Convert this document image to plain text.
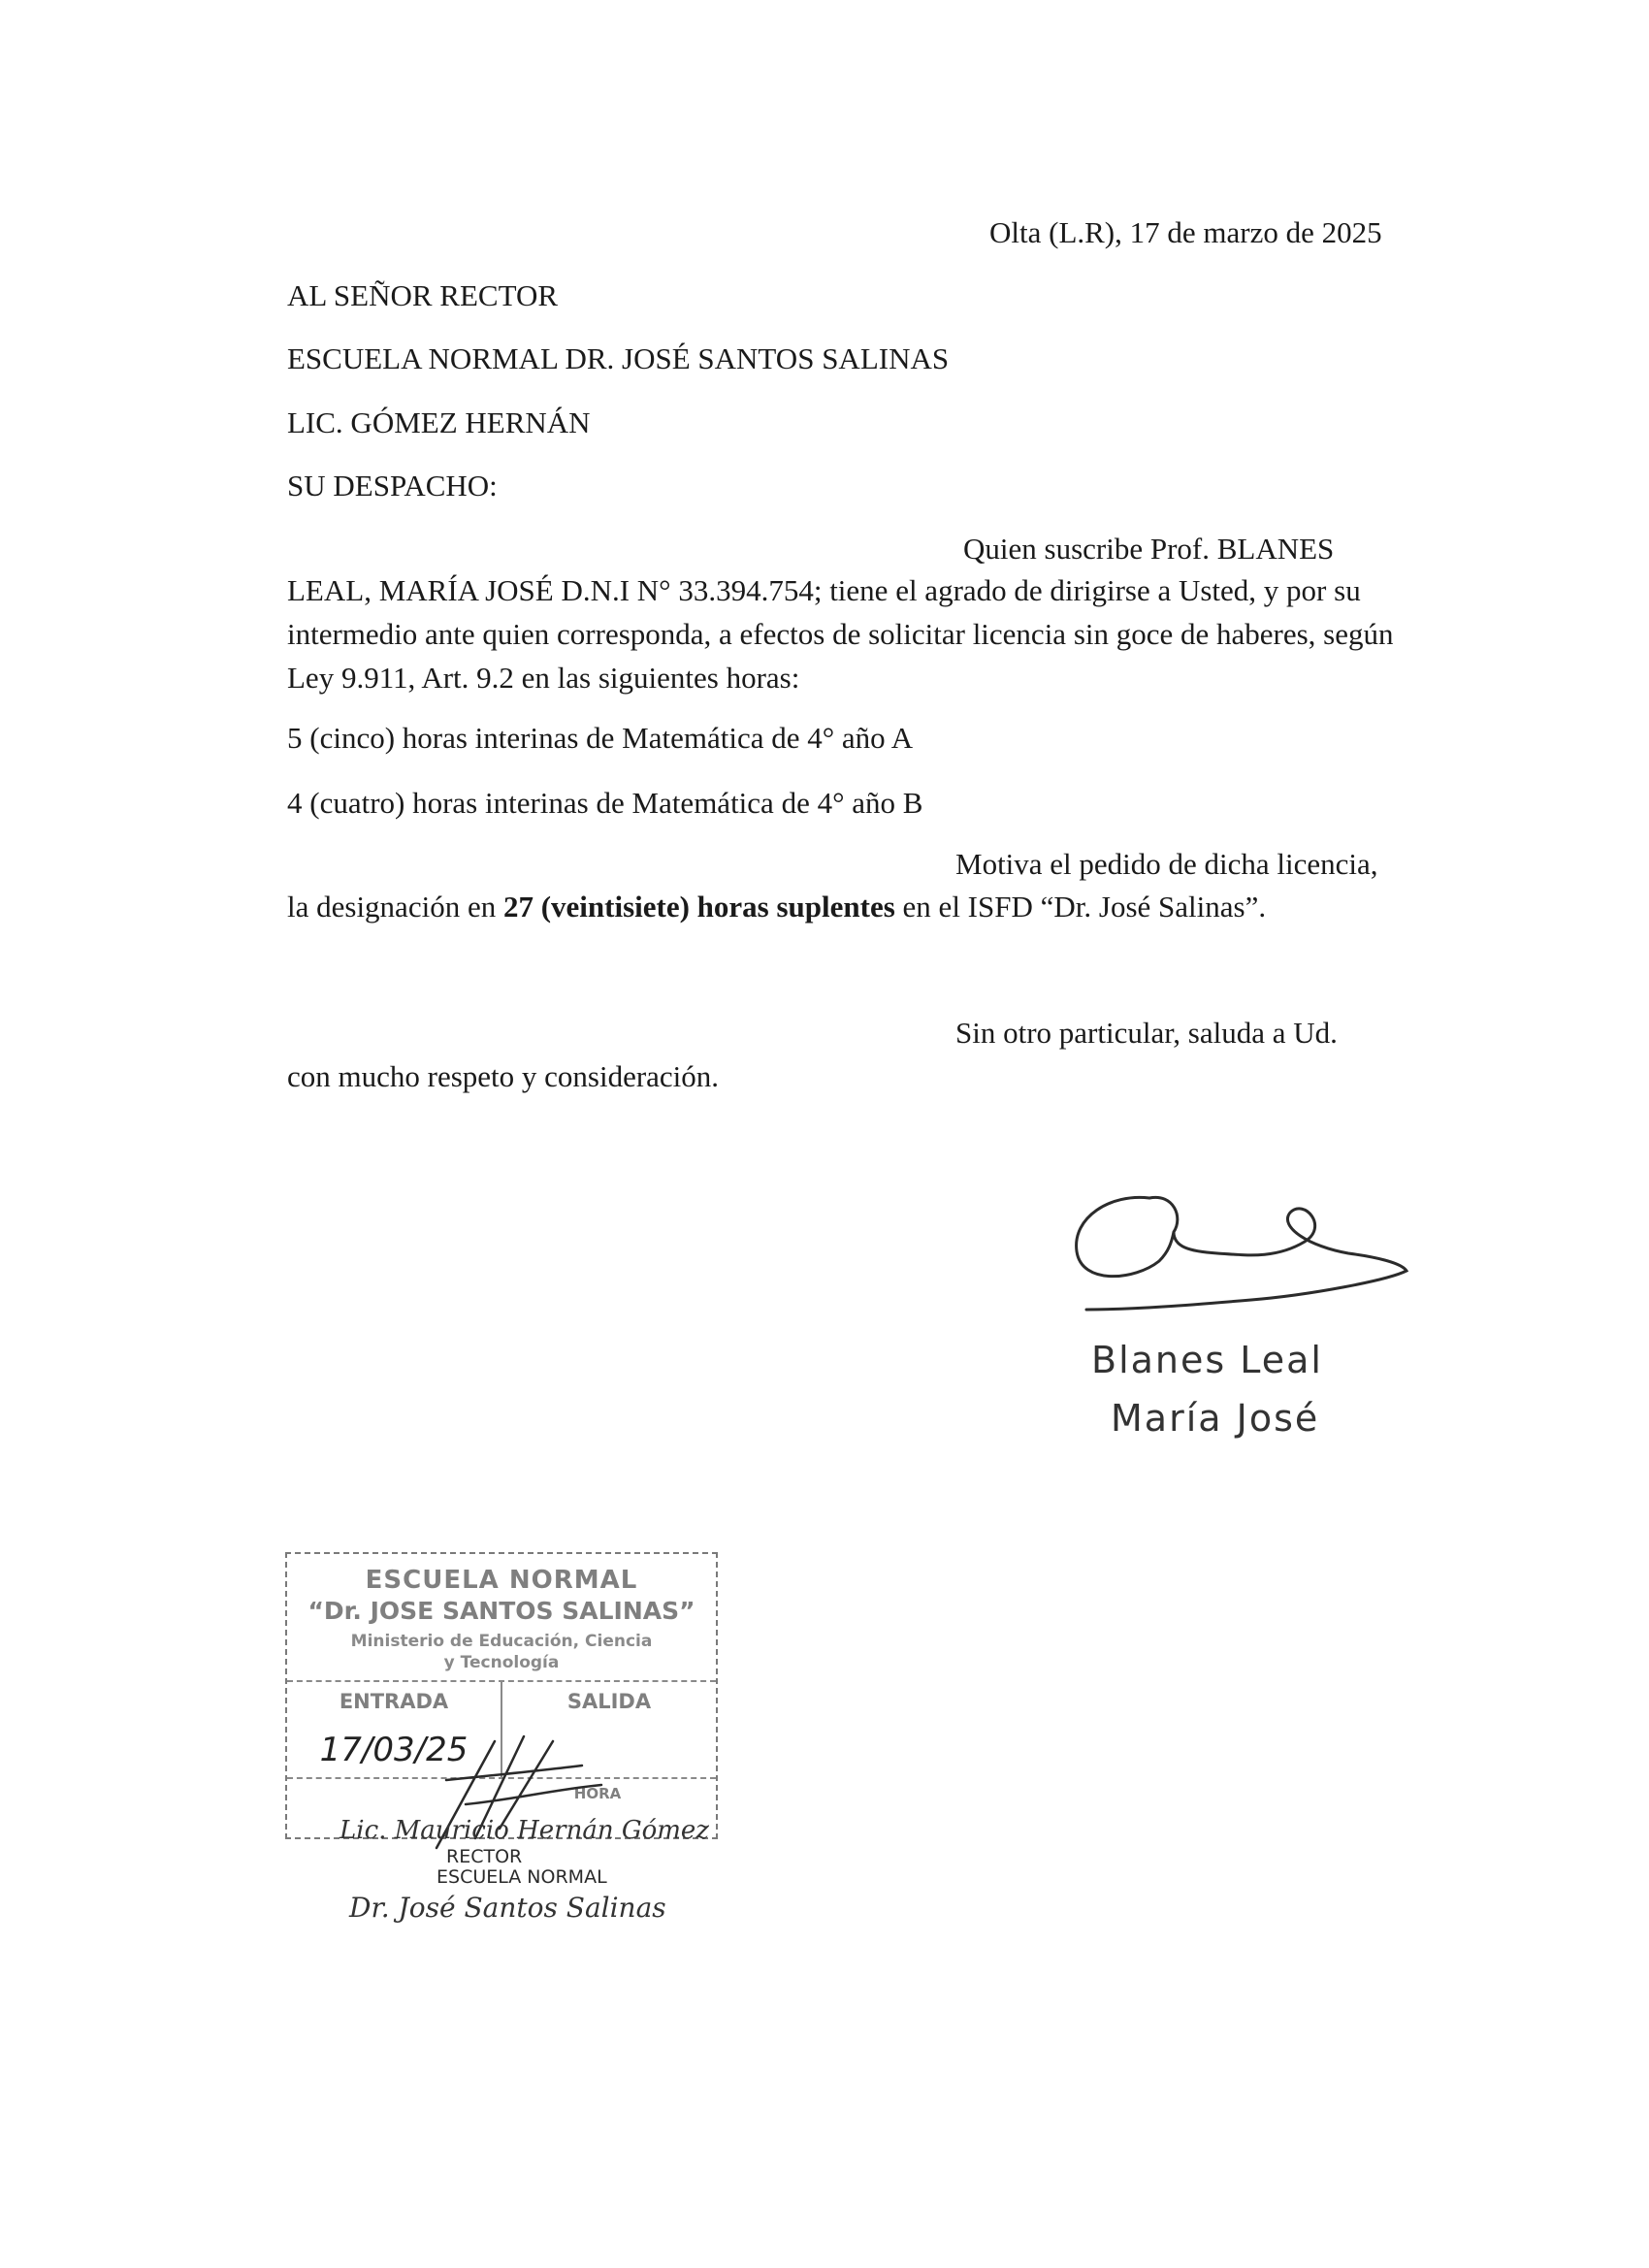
Olta (L.R), 17 de marzo de 2025
AL SEÑOR RECTOR
ESCUELA NORMAL DR. JOSÉ SANTOS SALINAS
LIC. GÓMEZ HERNÁN
SU DESPACHO:
Quien suscribe Prof. BLANES
LEAL, MARÍA JOSÉ D.N.I N° 33.394.754; tiene el agrado de dirigirse a Usted, y por su intermedio ante quien corresponda, a efectos de solicitar licencia sin goce de haberes, según Ley 9.911, Art. 9.2 en las siguientes horas:
5 (cinco) horas interinas de Matemática de 4° año A
4 (cuatro) horas interinas de Matemática de 4° año B
Motiva el pedido de dicha licencia,
la designación en 27 (veintisiete) horas suplentes en el ISFD “Dr. José Salinas”.
Sin otro particular, saluda a Ud.
con mucho respeto y consideración.
Blanes Leal
María José
ESCUELA NORMAL
“Dr. JOSE SANTOS SALINAS”
Ministerio de Educación, Ciencia
y Tecnología
ENTRADA	SALIDA
17/03/25
HORA
Lic. Mauricio Hernán Gómez
RECTOR
ESCUELA NORMAL
Dr. José Santos Salinas
